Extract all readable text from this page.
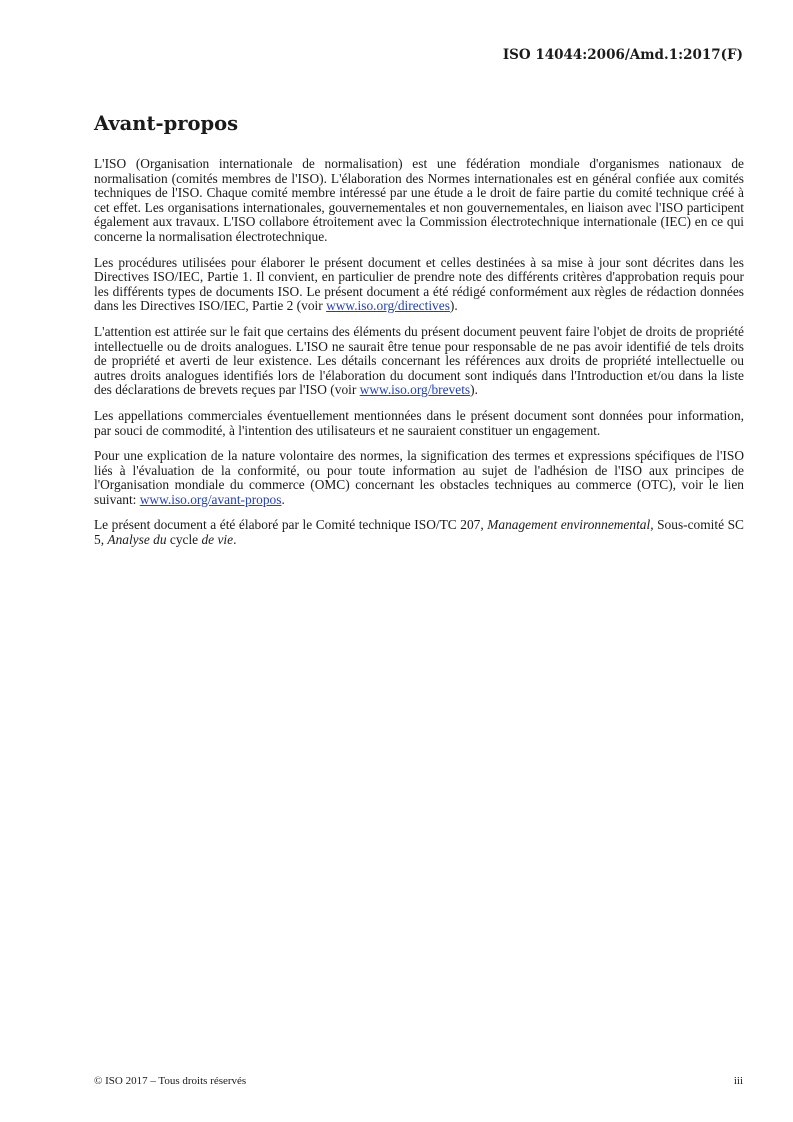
ISO 14044:2006/Amd.1:2017(F)
Avant-propos

L'ISO (Organisation internationale de normalisation) est une fédération mondiale d'organismes nationaux de normalisation (comités membres de l'ISO). L'élaboration des Normes internationales est en général confiée aux comités techniques de l'ISO. Chaque comité membre intéressé par une étude a le droit de faire partie du comité technique créé à cet effet. Les organisations internationales, gouvernementales et non gouvernementales, en liaison avec l'ISO participent également aux travaux. L'ISO collabore étroitement avec la Commission électrotechnique internationale (IEC) en ce qui concerne la normalisation électrotechnique.

Les procédures utilisées pour élaborer le présent document et celles destinées à sa mise à jour sont décrites dans les Directives ISO/IEC, Partie 1. Il convient, en particulier de prendre note des différents critères d'approbation requis pour les différents types de documents ISO. Le présent document a été rédigé conformément aux règles de rédaction données dans les Directives ISO/IEC, Partie 2 (voir www.iso.org/directives).

L'attention est attirée sur le fait que certains des éléments du présent document peuvent faire l'objet de droits de propriété intellectuelle ou de droits analogues. L'ISO ne saurait être tenue pour responsable de ne pas avoir identifié de tels droits de propriété et averti de leur existence. Les détails concernant les références aux droits de propriété intellectuelle ou autres droits analogues identifiés lors de l'élaboration du document sont indiqués dans l'Introduction et/ou dans la liste des déclarations de brevets reçues par l'ISO (voir www.iso.org/brevets).

Les appellations commerciales éventuellement mentionnées dans le présent document sont données pour information, par souci de commodité, à l'intention des utilisateurs et ne sauraient constituer un engagement.

Pour une explication de la nature volontaire des normes, la signification des termes et expressions spécifiques de l'ISO liés à l'évaluation de la conformité, ou pour toute information au sujet de l'adhésion de l'ISO aux principes de l'Organisation mondiale du commerce (OMC) concernant les obstacles techniques au commerce (OTC), voir le lien suivant: www.iso.org/avant-propos.

Le présent document a été élaboré par le Comité technique ISO/TC 207, Management environnemental, Sous-comité SC 5, Analyse du cycle de vie.

© ISO 2017 – Tous droits réservés	iii
